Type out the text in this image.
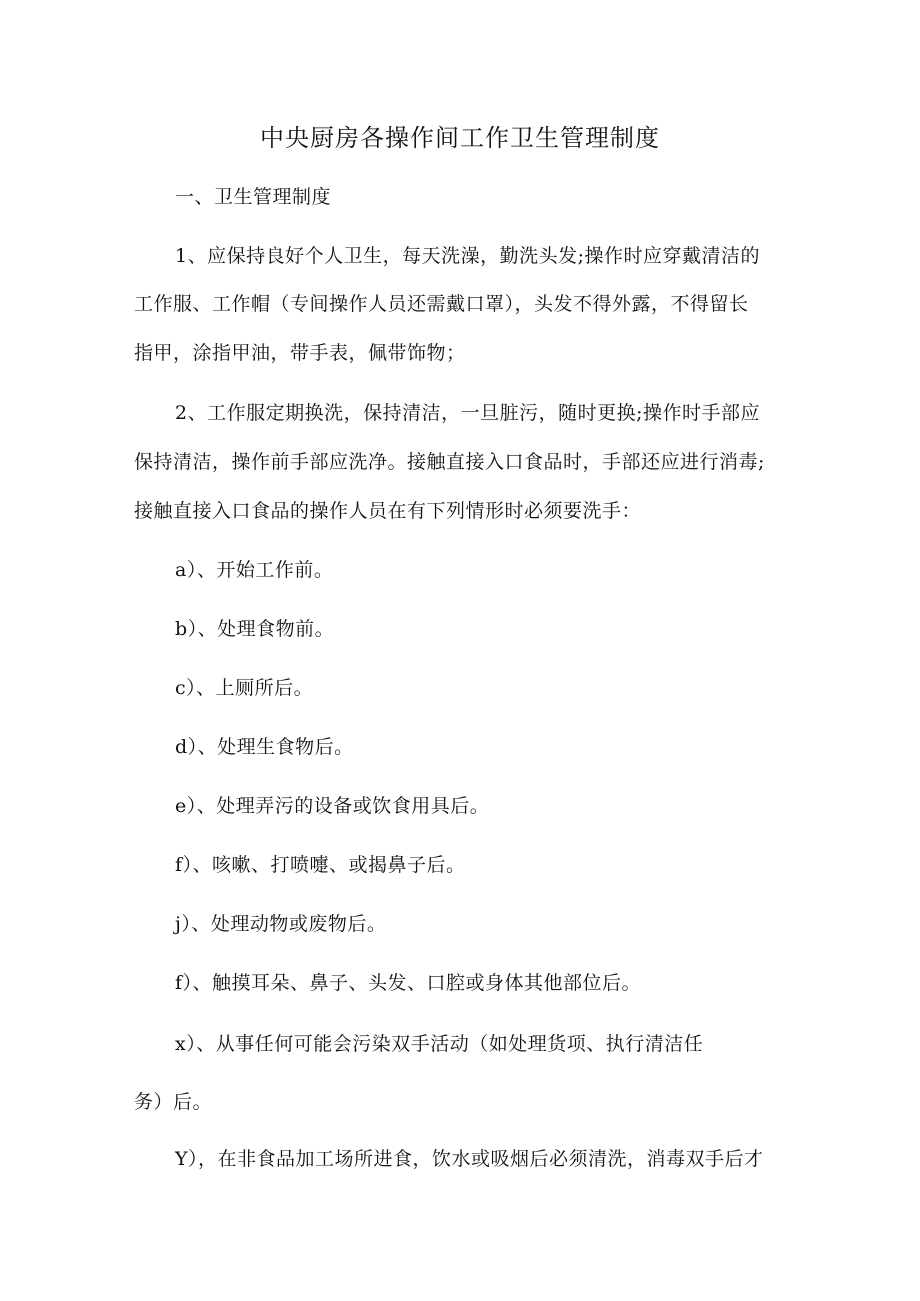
中央厨房各操作间工作卫生管理制度
一、卫生管理制度
1、应保持良好个人卫生，每天洗澡，勤洗头发;操作时应穿戴清洁的
工作服、工作帽（专间操作人员还需戴口罩），头发不得外露，不得留长
指甲，涂指甲油，带手表，佩带饰物；
2、工作服定期换洗，保持清洁，一旦脏污，随时更换;操作时手部应
保持清洁，操作前手部应洗净。接触直接入口食品时，手部还应进行消毒;
接触直接入口食品的操作人员在有下列情形时必须要洗手：
a）、开始工作前。
b）、处理食物前。
c）、上厕所后。
d）、处理生食物后。
e）、处理弄污的设备或饮食用具后。
f）、咳嗽、打喷嚏、或揭鼻子后。
j）、处理动物或废物后。
f）、触摸耳朵、鼻子、头发、口腔或身体其他部位后。
x）、从事任何可能会污染双手活动（如处理货项、执行清洁任
务）后。
Y），在非食品加工场所进食，饮水或吸烟后必须清洗，消毒双手后才
